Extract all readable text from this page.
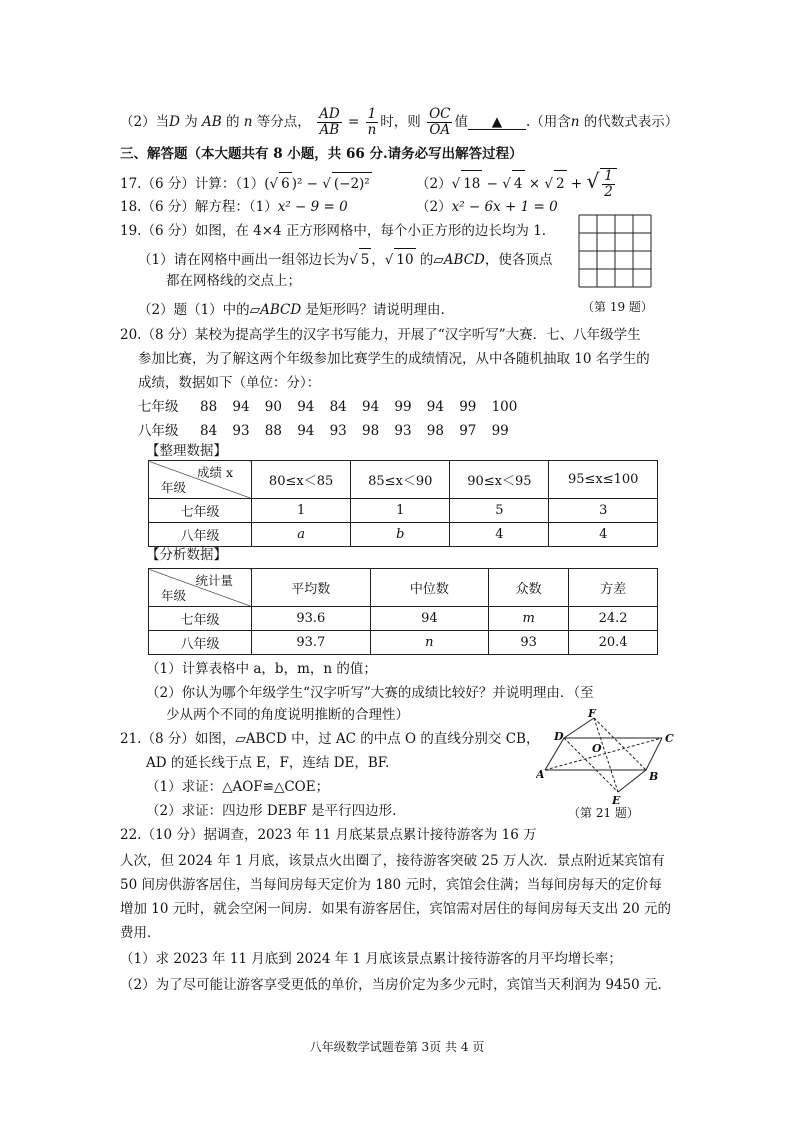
（2）当D 为 AB 的 n 等分点， $\frac{AD}{AB} = \frac{1}{n}$ 时，则 $\frac{OC}{OA}$ 值 ▲ .（用含n 的代数式表示）
三、解答题（本大题共有 8 小题，共 66 分.请务必写出解答过程）
17.（6 分）计算：（1）(√ 6 )² − √ (−2)²	（2）√ 18 − √ 4 × √ 2 + √ $\frac{1}{2}$
18.（6 分）解方程：（1）x² − 9 = 0	（2）x² − 6x + 1 = 0
19.（6 分）如图，在 4×4 正方形网格中，每个小正方形的边长均为 1.
（1）请在网格中画出一组邻边长为√ 5 ，√ 10 的▱ABCD，使各顶点
都在网格线的交点上；
（2）题（1）中的▱ABCD 是矩形吗？请说明理由.	（第 19 题）
20.（8 分）某校为提高学生的汉字书写能力，开展了“汉字听写”大赛．七、八年级学生
参加比赛，为了解这两个年级参加比赛学生的成绩情况，从中各随机抽取 10 名学生的
成绩，数据如下（单位：分）：
七年级 88 94 90 94 84 94 99 94 99 100
八年级 84 93 88 94 93 98 93 98 97 99
【整理数据】
成绩 x
年级	80≤x＜85	85≤x＜90	90≤x＜95	95≤x≤100
七年级	1	1	5	3
八年级	a	b	4	4
【分析数据】
统计量
年级	平均数	中位数	众数	方差
七年级	93.6	94	m	24.2
八年级	93.7	n	93	20.4
（1）计算表格中 a，b，m，n 的值；
（2）你认为哪个年级学生“汉字听写”大赛的成绩比较好？并说明理由．（至
少从两个不同的角度说明推断的合理性）
21.（8 分）如图，▱ABCD 中，过 AC 的中点 O 的直线分别交 CB，
AD 的延长线于点 E，F，连结 DE，BF.
（1）求证：△AOF≌△COE；
（2）求证：四边形 DEBF 是平行四边形.
F
D
O
C
A	B
E
（第 21 题）
22.（10 分）据调查，2023 年 11 月底某景点累计接待游客为 16 万
人次，但 2024 年 1 月底，该景点火出圈了，接待游客突破 25 万人次．景点附近某宾馆有
50 间房供游客居住，当每间房每天定价为 180 元时，宾馆会住满；当每间房每天的定价每
增加 10 元时，就会空闲一间房．如果有游客居住，宾馆需对居住的每间房每天支出 20 元的
费用．
（1）求 2023 年 11 月底到 2024 年 1 月底该景点累计接待游客的月平均增长率；
（2）为了尽可能让游客享受更低的单价，当房价定为多少元时，宾馆当天利润为 9450 元.
八年级数学试题卷第 3页 共 4 页
